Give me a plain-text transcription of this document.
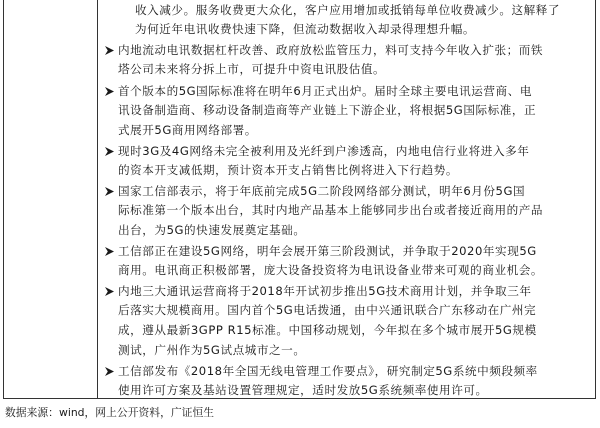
收入减少。服务收费更大众化，客户应用增加或抵销每单位收费减少。这解释了
为何近年电讯收费快速下降，但流动数据收入却录得理想升幅。
内地流动电讯数据杠杆改善、政府放松监管压力，料可支持今年收入扩张；而铁
塔公司未来将分拆上市，可提升中资电讯股估值。
首个版本的5G国际标准将在明年6月正式出炉。届时全球主要电讯运营商、电
讯设备制造商、移动设备制造商等产业链上下游企业，将根据5G国际标准，正
式展开5G商用网络部署。
现时3G及4G网络未完全被利用及光纤到户渗透高，内地电信行业将进入多年
的资本开支减低期，预计资本开支占销售比例将进入下行趋势。
国家工信部表示，将于年底前完成5G二阶段网络部分测试，明年6月份5G国
际标准第一个版本出台，其时内地产品基本上能够同步出台或者接近商用的产品
出台，为5G的快速发展奠定基础。
工信部正在建设5G网络，明年会展开第三阶段测试，并争取于2020年实现5G
商用。电讯商正积极部署，庞大设备投资将为电讯设备业带来可观的商业机会。
内地三大通讯运营商将于2018年开试初步推出5G技术商用计划，并争取三年
后落实大规模商用。国内首个5G电话拨通，由中兴通讯联合广东移动在广州完
成，遵从最新3GPP R15标准。中国移动规划，今年拟在多个城市展开5G规模
测试，广州作为5G试点城市之一。
工信部发布《2018年全国无线电管理工作要点》，研究制定5G系统中频段频率
使用许可方案及基站设置管理规定，适时发放5G系统频率使用许可。
数据来源：wind，网上公开资料，广证恒生
